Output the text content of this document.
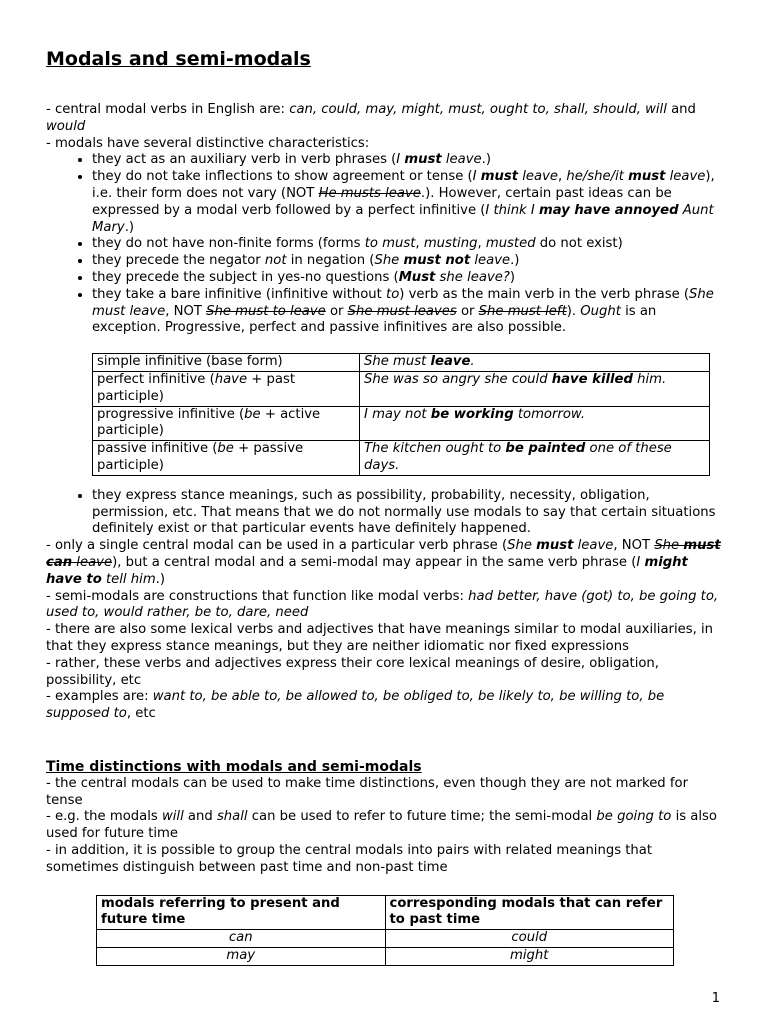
Modals and semi-modals

- central modal verbs in English are: can, could, may, might, must, ought to, shall, should, will and would

- modals have several distinctive characteristics:

• they act as an auxiliary verb in verb phrases (I must leave.)
• they do not take inflections to show agreement or tense (I must leave, he/she/it must leave), i.e. their form does not vary (NOT He musts leave.). However, certain past ideas can be expressed by a modal verb followed by a perfect infinitive (I think I may have annoyed Aunt Mary.)
• they do not have non-finite forms (forms to must, musting, musted do not exist)
• they precede the negator not in negation (She must not leave.)
• they precede the subject in yes-no questions (Must she leave?)
• they take a bare infinitive (infinitive without to) verb as the main verb in the verb phrase (She must leave, NOT She must to leave or She must leaves or She must left). Ought is an exception. Progressive, perfect and passive infinitives are also possible.
simple infinitive (base form)	She must leave.
perfect infinitive (have + past participle)	She was so angry she could have killed him.
progressive infinitive (be + active participle)	I may not be working tomorrow.
passive infinitive (be + passive participle)	The kitchen ought to be painted one of these days.
• they express stance meanings, such as possibility, probability, necessity, obligation, permission, etc. That means that we do not normally use modals to say that certain situations definitely exist or that particular events have definitely happened.

- only a single central modal can be used in a particular verb phrase (She must leave, NOT She must can leave), but a central modal and a semi-modal may appear in the same verb phrase (I might have to tell him.)

- semi-modals are constructions that function like modal verbs: had better, have (got) to, be going to, used to, would rather, be to, dare, need

- there are also some lexical verbs and adjectives that have meanings similar to modal auxiliaries, in that they express stance meanings, but they are neither idiomatic nor fixed expressions

- rather, these verbs and adjectives express their core lexical meanings of desire, obligation, possibility, etc

- examples are: want to, be able to, be allowed to, be obliged to, be likely to, be willing to, be supposed to, etc

Time distinctions with modals and semi-modals

- the central modals can be used to make time distinctions, even though they are not marked for tense

- e.g. the modals will and shall can be used to refer to future time; the semi-modal be going to is also used for future time

- in addition, it is possible to group the central modals into pairs with related meanings that sometimes distinguish between past time and non-past time

modals referring to present and future time	corresponding modals that can refer to past time
can	could
may	might
1
